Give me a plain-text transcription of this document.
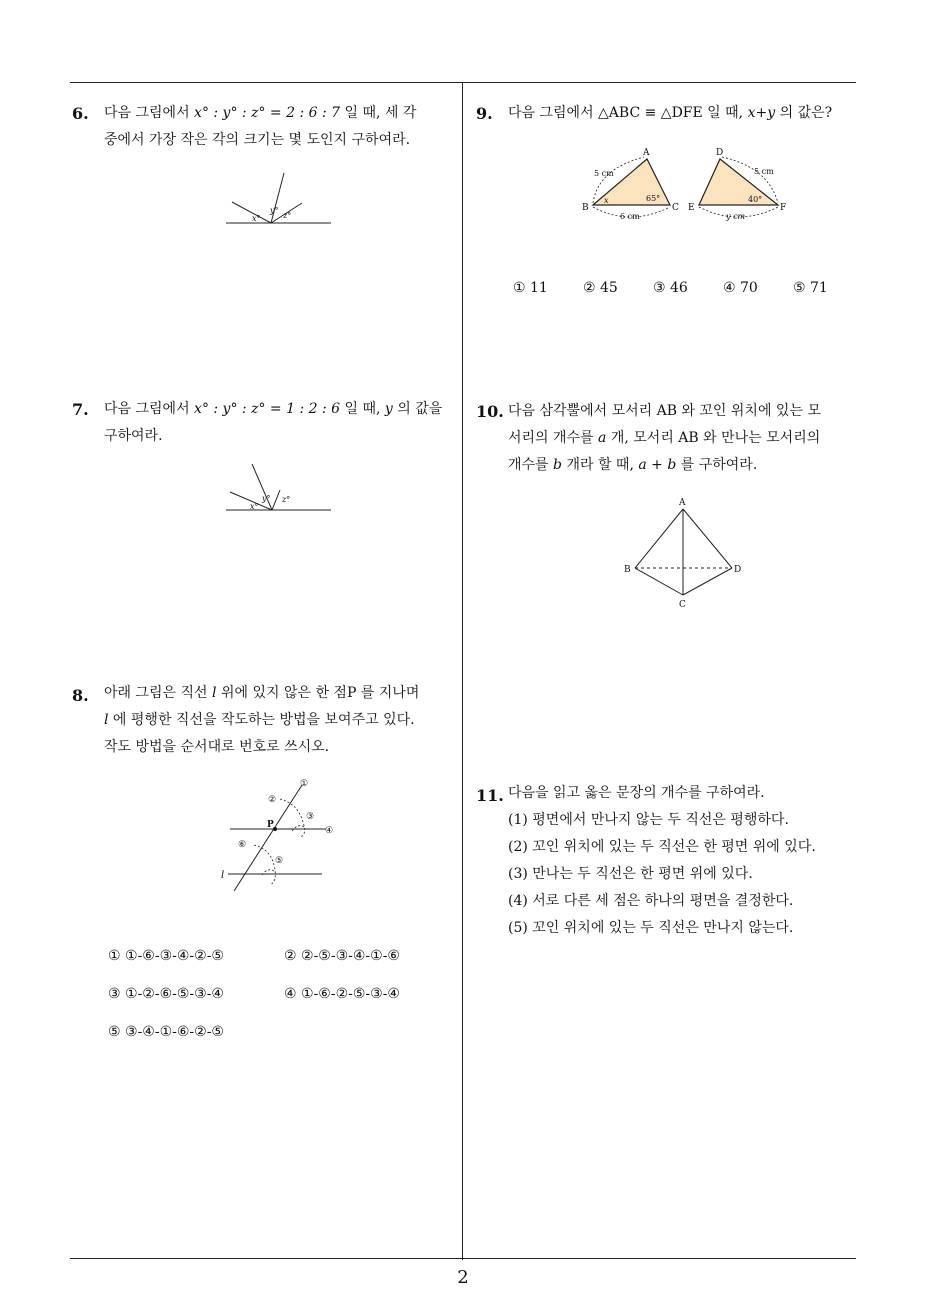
6. 다음 그림에서 x° : y° : z° = 2 : 6 : 7 일 때, 세 각
중에서 가장 작은 각의 크기는 몇 도인지 구하여라.
x°
y°
z°
7. 다음 그림에서 x° : y° : z° = 1 : 2 : 6 일 때, y 의 값을
구하여라.
x°
y° z°
8. 아래 그림은 직선 l 위에 있지 않은 한 점P 를 지나며
l 에 평행한 직선을 작도하는 방법을 보여주고 있다.
작도 방법을 순서대로 번호로 쓰시오.
①
②
③
④
⑥
⑤
P
l
① ①-⑥-③-④-②-⑤	② ②-⑤-③-④-①-⑥
③ ①-②-⑥-⑤-③-④	④ ①-⑥-②-⑤-③-④
⑤ ③-④-①-⑥-②-⑤
9. 다음 그림에서 △ABC ≡ △DFE 일 때, x+y 의 값은?
A
B	C
D
E	F
5 cm
6 cm
5 cm
y cm
x	65°	40°
① 11	② 45	③ 46	④ 70	⑤ 71
10. 다음 삼각뿔에서 모서리 AB 와 꼬인 위치에 있는 모
서리의 개수를 a 개, 모서리 AB 와 만나는 모서리의
개수를 b 개라 할 때, a + b 를 구하여라.
A
B
C
D
11. 다음을 읽고 옳은 문장의 개수를 구하여라.
(1) 평면에서 만나지 않는 두 직선은 평행하다.
(2) 꼬인 위치에 있는 두 직선은 한 평면 위에 있다.
(3) 만나는 두 직선은 한 평면 위에 있다.
(4) 서로 다른 세 점은 하나의 평면을 결정한다.
(5) 꼬인 위치에 있는 두 직선은 만나지 않는다.
2
